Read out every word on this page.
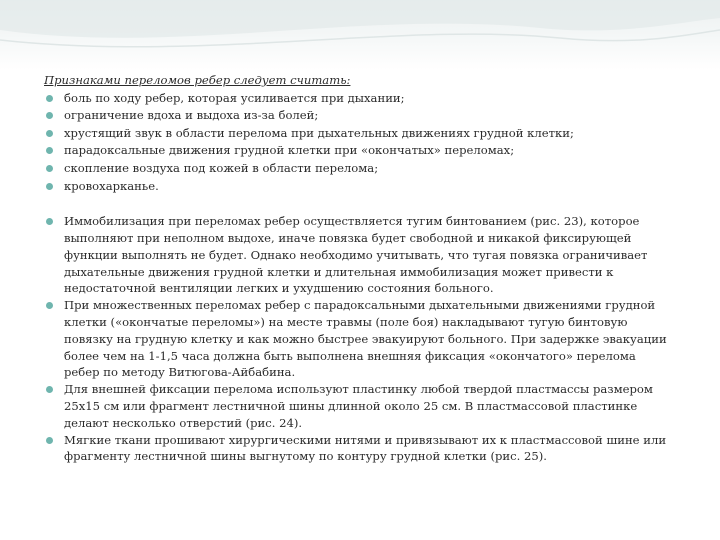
Признаками переломов ребер следует считать:
боль по ходу ребер, которая усиливается при дыхании;
ограничение вдоха и выдоха из-за болей;
хрустящий звук в области перелома при дыхательных движениях грудной клетки;
парадоксальные движения грудной клетки при «окончатых» переломах;
скопление воздуха под кожей в области перелома;
кровохарканье.
Иммобилизация при переломах ребер осуществляется тугим бинтованием (рис. 23), которое выполняют при неполном выдохе, иначе повязка будет свободной и никакой фиксирующей функции выполнять не будет. Однако необходимо учитывать, что тугая повязка ограничивает дыхательные движения грудной клетки и длительная иммобилизация может привести к недостаточной вентиляции легких и ухудшению состояния больного.
При множественных переломах ребер с парадоксальными дыхательными движениями грудной клетки («окончатые переломы») на месте травмы (поле боя) накладывают тугую бинтовую повязку на грудную клетку и как можно быстрее эвакуируют больного. При задержке эвакуации более чем на 1-1,5 часа должна быть выполнена внешняя фиксация «окончатого» перелома ребер по методу Витюгова-Айбабина.
Для внешней фиксации перелома используют пластинку любой твердой пластмассы размером 25х15 см или фрагмент лестничной шины длинной около 25 см. В пластмассовой пластинке делают несколько отверстий (рис. 24).
Мягкие ткани прошивают хирургическими нитями и привязывают их к пластмассовой шине или фрагменту лестничной шины выгнутому по контуру грудной клетки (рис. 25).
